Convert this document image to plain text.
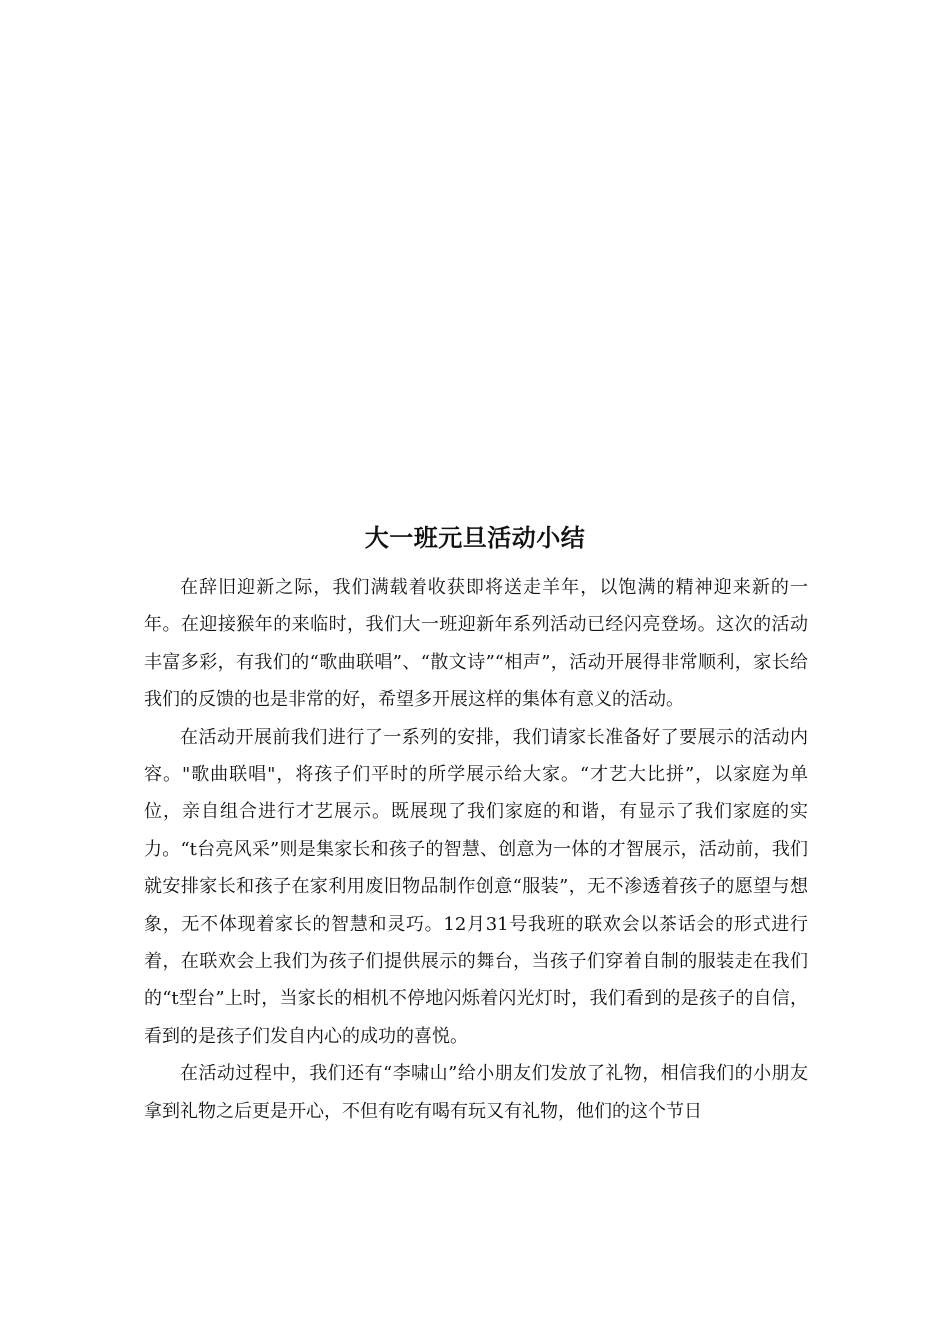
大一班元旦活动小结

在辞旧迎新之际，我们满载着收获即将送走羊年，以饱满的精神迎来新的一年。在迎接猴年的来临时，我们大一班迎新年系列活动已经闪亮登场。这次的活动丰富多彩，有我们的“歌曲联唱”、“散文诗”“相声”，活动开展得非常顺利，家长给我们的反馈的也是非常的好，希望多开展这样的集体有意义的活动。

在活动开展前我们进行了一系列的安排，我们请家长准备好了要展示的活动内容。"歌曲联唱"，将孩子们平时的所学展示给大家。“才艺大比拼”，以家庭为单位，亲自组合进行才艺展示。既展现了我们家庭的和谐，有显示了我们家庭的实力。“t台亮风采”则是集家长和孩子的智慧、创意为一体的才智展示，活动前，我们就安排家长和孩子在家利用废旧物品制作创意“服装”，无不渗透着孩子的愿望与想象，无不体现着家长的智慧和灵巧。12月31号我班的联欢会以茶话会的形式进行着，在联欢会上我们为孩子们提供展示的舞台，当孩子们穿着自制的服装走在我们的“t型台”上时，当家长的相机不停地闪烁着闪光灯时，我们看到的是孩子的自信，看到的是孩子们发自内心的成功的喜悦。

在活动过程中，我们还有“李啸山”给小朋友们发放了礼物，相信我们的小朋友拿到礼物之后更是开心，不但有吃有喝有玩又有礼物，他们的这个节日
